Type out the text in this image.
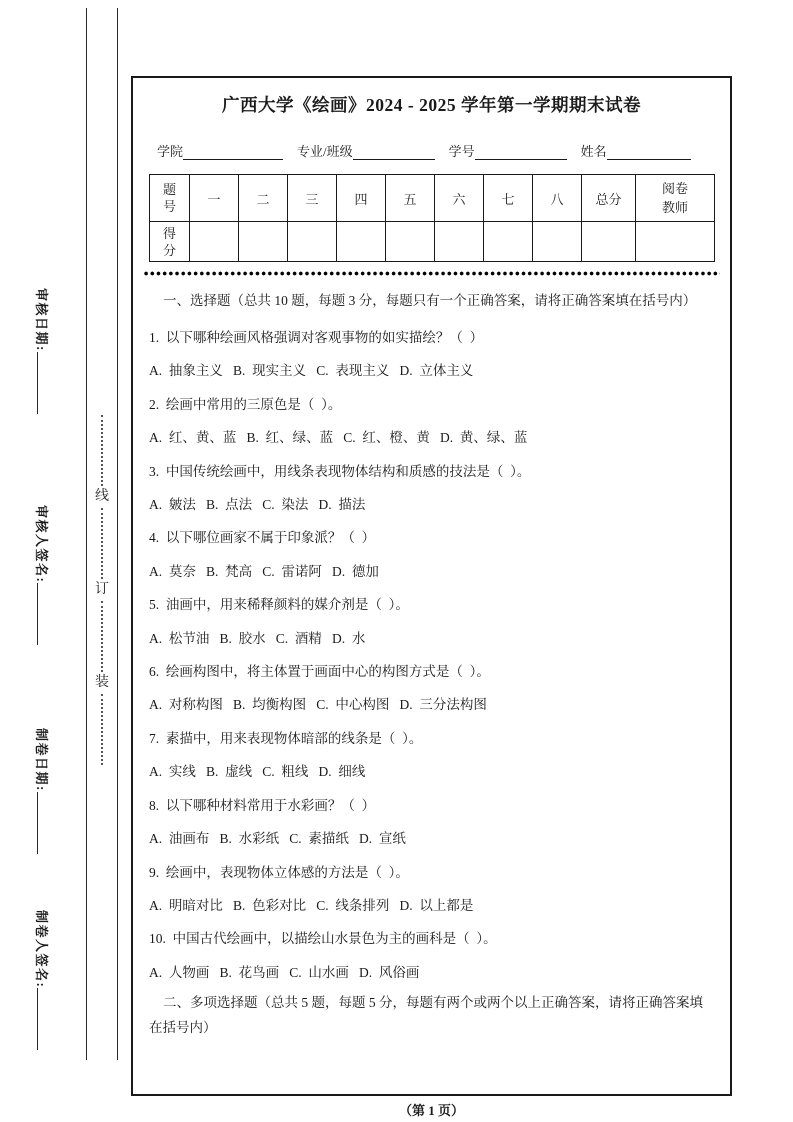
审核日期:
审核人签名:
制卷日期:
制卷人签名:
线
订
装
广西大学《绘画》2024 - 2025 学年第一学期期末试卷
学院	专业/班级	学号	姓名
题号	一	二	三	四	五	六	七	八	总分	阅卷教师
得分										

一、选择题（总共 10 题，每题 3 分，每题只有一个正确答案，请将正确答案填在括号内）

1.  以下哪种绘画风格强调对客观事物的如实描绘？（  ）

A.  抽象主义   B.  现实主义   C.  表现主义   D.  立体主义

2.  绘画中常用的三原色是（  ）。

A.  红、黄、蓝   B.  红、绿、蓝   C.  红、橙、黄   D.  黄、绿、蓝

3.  中国传统绘画中，用线条表现物体结构和质感的技法是（  ）。

A.  皴法   B.  点法   C.  染法   D.  描法

4.  以下哪位画家不属于印象派？（  ）

A.  莫奈   B.  梵高   C.  雷诺阿   D.  德加

5.  油画中，用来稀释颜料的媒介剂是（  ）。

A.  松节油   B.  胶水   C.  酒精   D.  水

6.  绘画构图中，将主体置于画面中心的构图方式是（  ）。

A.  对称构图   B.  均衡构图   C.  中心构图   D.  三分法构图

7.  素描中，用来表现物体暗部的线条是（  ）。

A.  实线   B.  虚线   C.  粗线   D.  细线

8.  以下哪种材料常用于水彩画？（  ）

A.  油画布   B.  水彩纸   C.  素描纸   D.  宣纸

9.  绘画中，表现物体立体感的方法是（  ）。

A.  明暗对比   B.  色彩对比   C.  线条排列   D.  以上都是

10.  中国古代绘画中，以描绘山水景色为主的画科是（  ）。

A.  人物画   B.  花鸟画   C.  山水画   D.  风俗画

二、多项选择题（总共 5 题，每题 5 分，每题有两个或两个以上正确答案，请将正确答案填在括号内）

（第 1 页）
